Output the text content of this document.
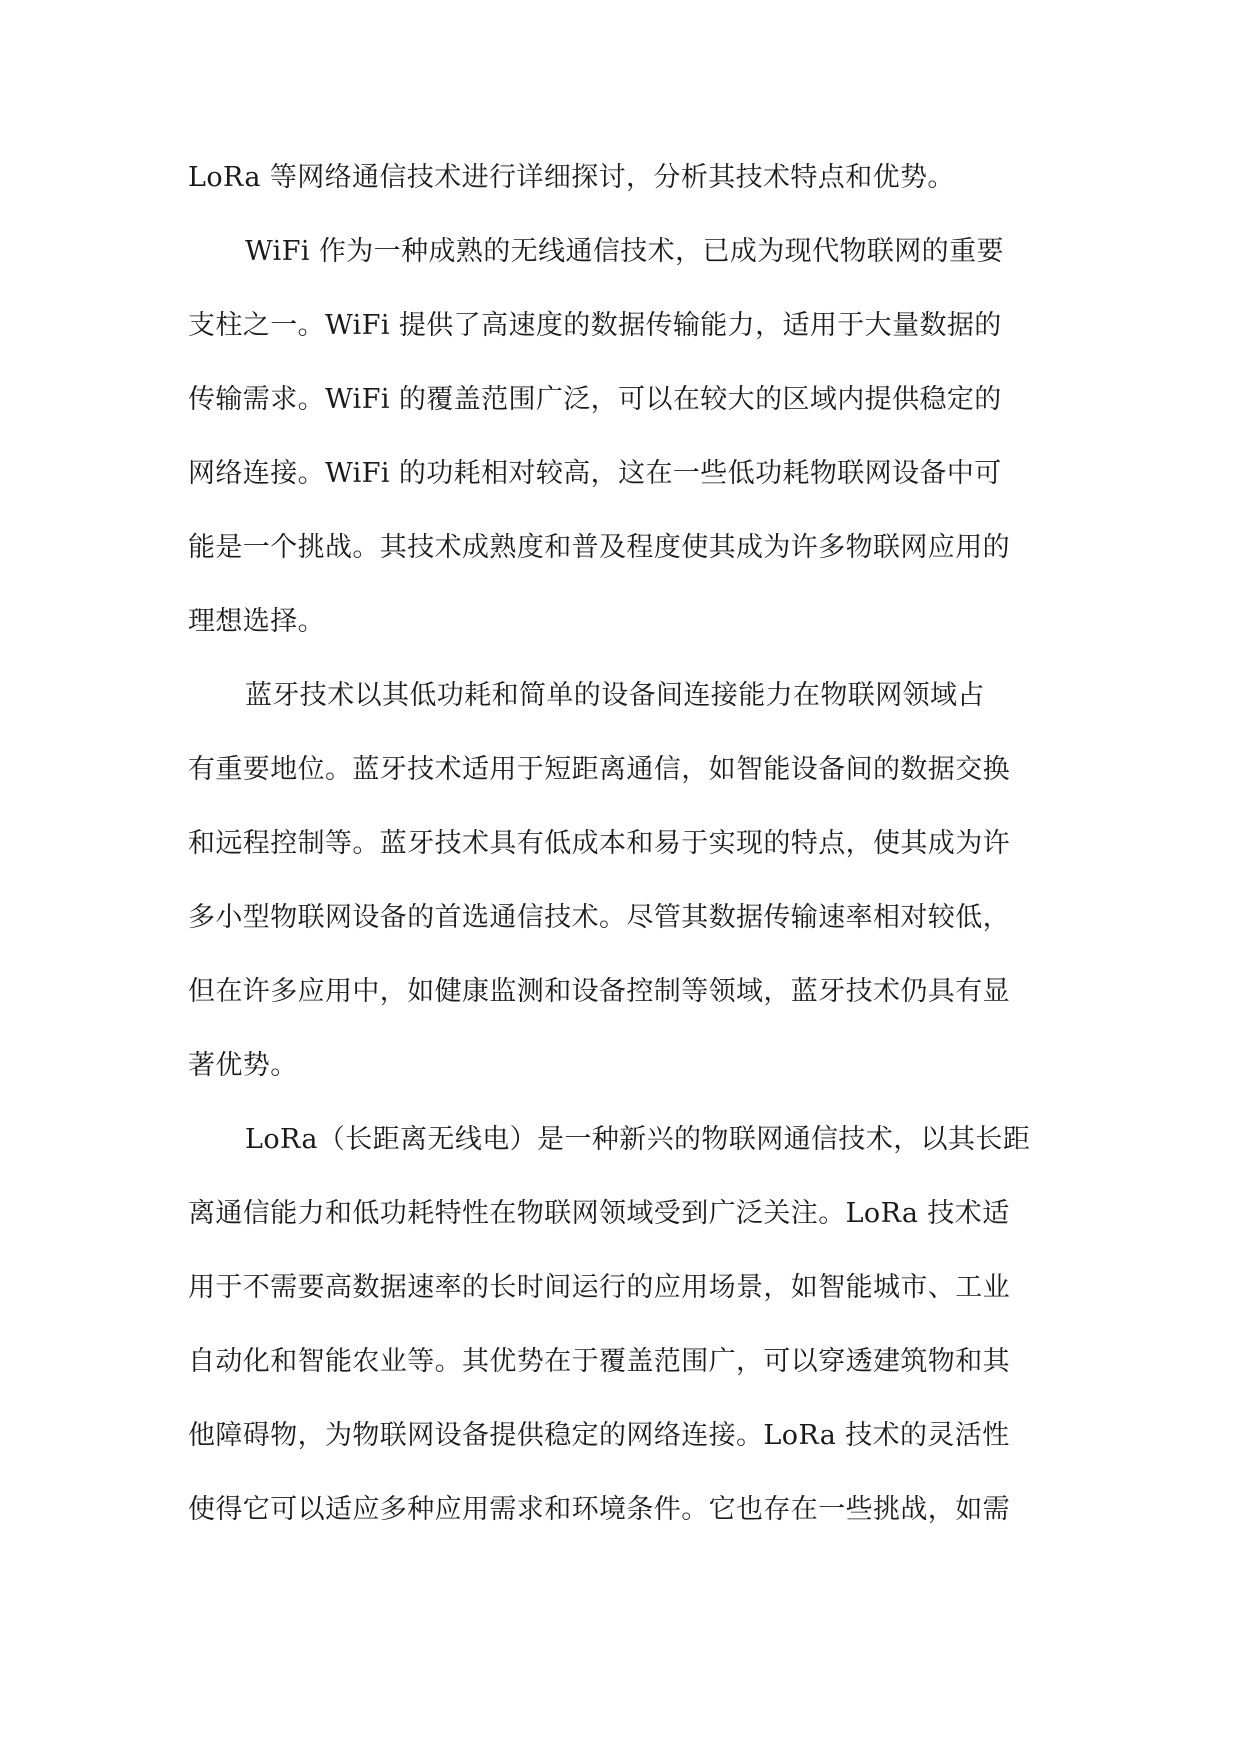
LoRa 等网络通信技术进行详细探讨，分析其技术特点和优势。
WiFi 作为一种成熟的无线通信技术，已成为现代物联网的重要
支柱之一。WiFi 提供了高速度的数据传输能力，适用于大量数据的
传输需求。WiFi 的覆盖范围广泛，可以在较大的区域内提供稳定的
网络连接。WiFi 的功耗相对较高，这在一些低功耗物联网设备中可
能是一个挑战。其技术成熟度和普及程度使其成为许多物联网应用的
理想选择。
蓝牙技术以其低功耗和简单的设备间连接能力在物联网领域占
有重要地位。蓝牙技术适用于短距离通信，如智能设备间的数据交换
和远程控制等。蓝牙技术具有低成本和易于实现的特点，使其成为许
多小型物联网设备的首选通信技术。尽管其数据传输速率相对较低，
但在许多应用中，如健康监测和设备控制等领域，蓝牙技术仍具有显
著优势。
LoRa（长距离无线电）是一种新兴的物联网通信技术，以其长距
离通信能力和低功耗特性在物联网领域受到广泛关注。LoRa 技术适
用于不需要高数据速率的长时间运行的应用场景，如智能城市、工业
自动化和智能农业等。其优势在于覆盖范围广，可以穿透建筑物和其
他障碍物，为物联网设备提供稳定的网络连接。LoRa 技术的灵活性
使得它可以适应多种应用需求和环境条件。它也存在一些挑战，如需
